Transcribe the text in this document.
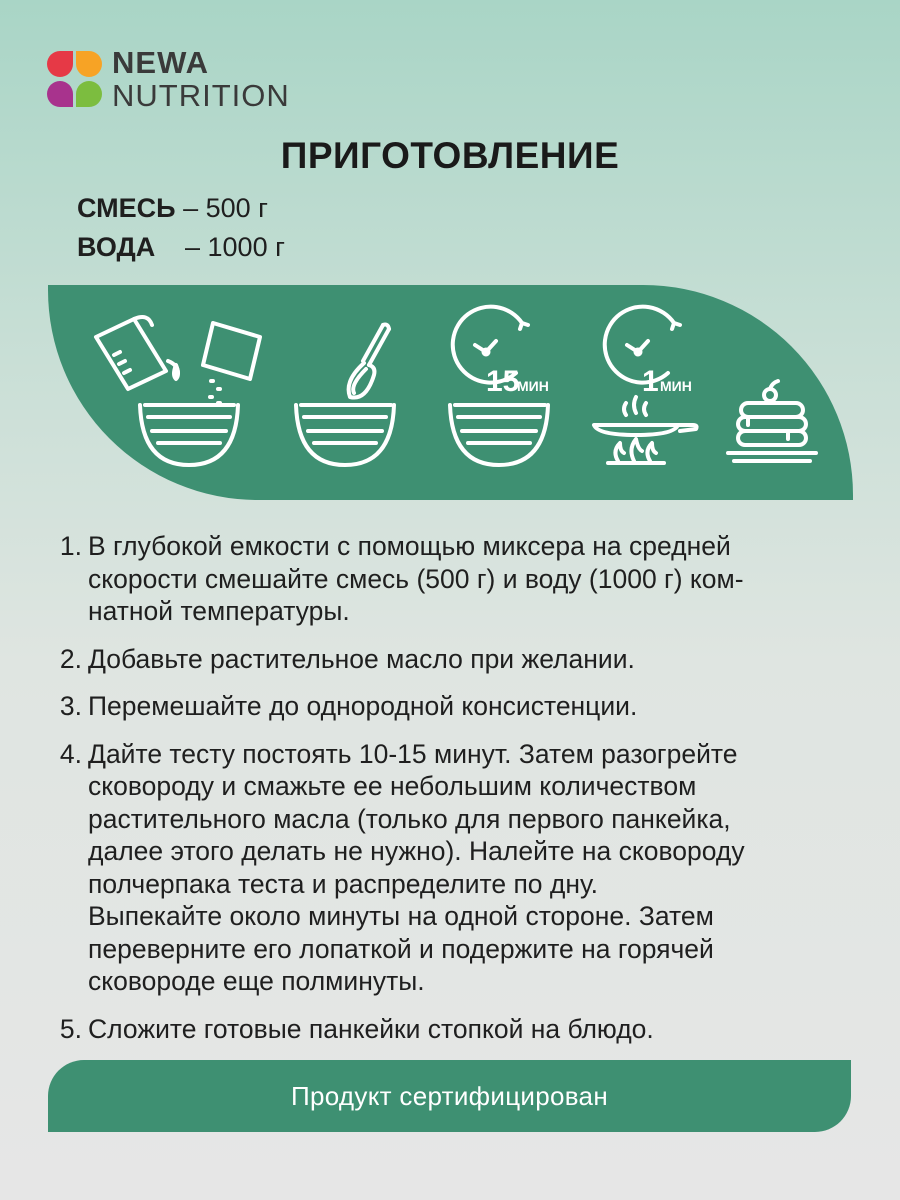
NEWA
NUTRITION
ПРИГОТОВЛЕНИЕ
СМЕСЬ – 500 г
ВОДА – 1000 г
15
МИН	1 МИН
1. В глубокой емкости с помощью миксера на средней
скорости смешайте смесь (500 г) и воду (1000 г) ком-
натной температуры.
2. Добавьте растительное масло при желании.
3. Перемешайте до однородной консистенции.
4. Дайте тесту постоять 10-15 минут. Затем разогрейте
сковороду и смажьте ее небольшим количеством
растительного масла (только для первого панкейка,
далее этого делать не нужно). Налейте на сковороду
полчерпака теста и распределите по дну.
Выпекайте около минуты на одной стороне. Затем
переверните его лопаткой и подержите на горячей
сковороде еще полминуты.
5. Сложите готовые панкейки стопкой на блюдо.
Продукт сертифицирован
